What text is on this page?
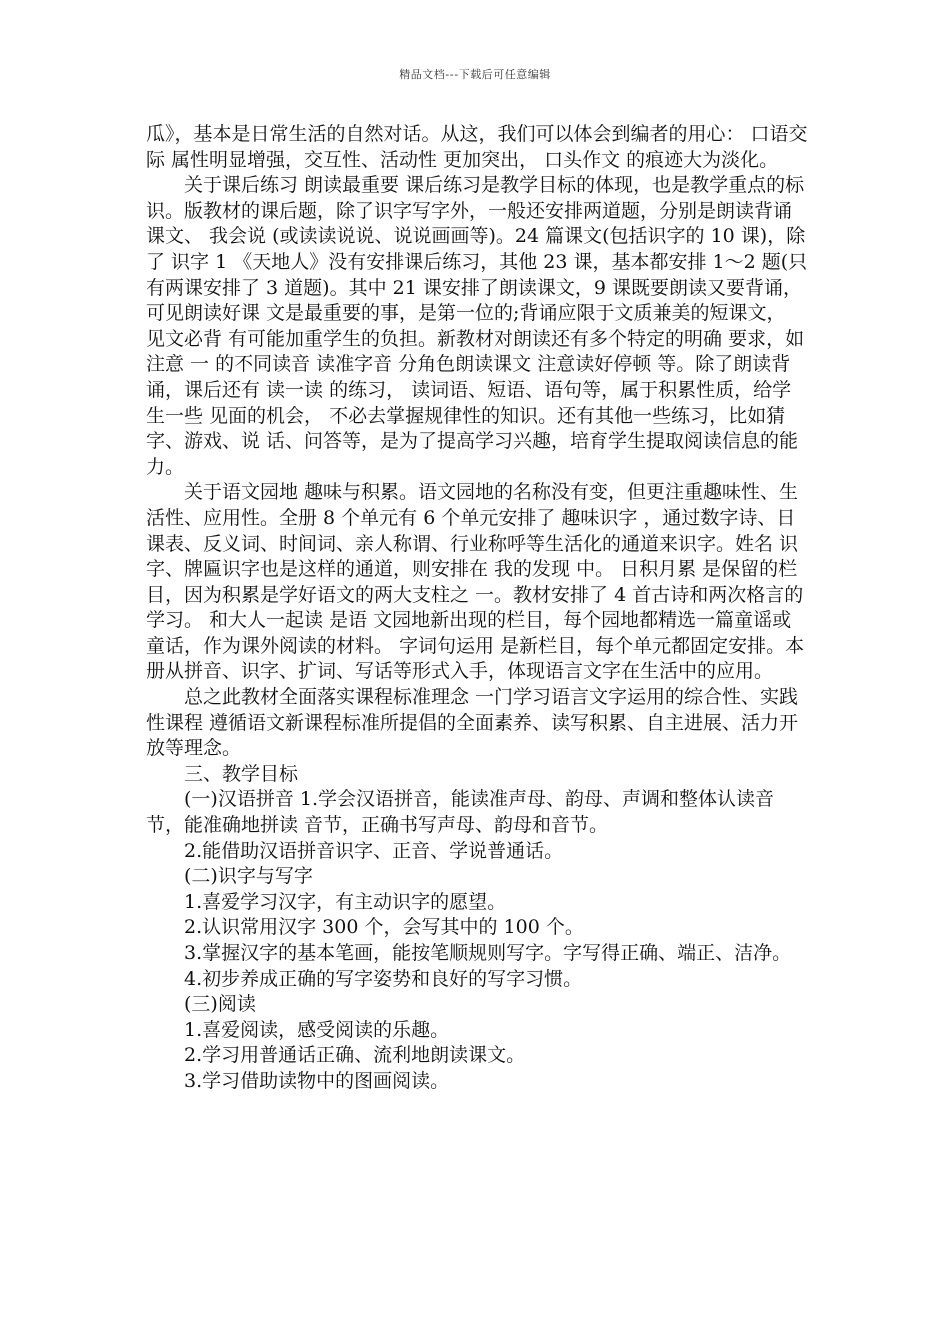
精品文档---下载后可任意编辑

瓜》，基本是日常生活的自然对话。从这，我们可以体会到编者的用心： 口语交际 属性明显增强，交互性、活动性 更加突出， 口头作文 的痕迹大为淡化。

关于课后练习 朗读最重要 课后练习是教学目标的体现，也是教学重点的标识。版教材的课后题，除了识字写字外，一般还安排两道题，分别是朗读背诵 课文、 我会说 (或读读说说、说说画画等)。24 篇课文(包括识字的 10 课)，除了 识字 1 《天地人》没有安排课后练习，其他 23 课，基本都安排 1～2 题(只有两课安排了 3 道题)。其中 21 课安排了朗读课文，9 课既要朗读又要背诵，可见朗读好课 文是最重要的事，是第一位的;背诵应限于文质兼美的短课文， 见文必背 有可能加重学生的负担。新教材对朗读还有多个特定的明确 要求，如 注意 一 的不同读音 读准字音 分角色朗读课文 注意读好停顿 等。除了朗读背诵，课后还有 读一读 的练习， 读词语、短语、语句等，属于积累性质，给学生一些 见面的机会， 不必去掌握规律性的知识。还有其他一些练习，比如猜字、游戏、说 话、问答等，是为了提高学习兴趣，培育学生提取阅读信息的能力。

关于语文园地 趣味与积累。语文园地的名称没有变，但更注重趣味性、生活性、应用性。全册 8 个单元有 6 个单元安排了 趣味识字 ，通过数字诗、日课表、反义词、时间词、亲人称谓、行业称呼等生活化的通道来识字。姓名 识字、牌匾识字也是这样的通道，则安排在 我的发现 中。 日积月累 是保留的栏目，因为积累是学好语文的两大支柱之 一。教材安排了 4 首古诗和两次格言的学习。 和大人一起读 是语 文园地新出现的栏目，每个园地都精选一篇童谣或童话，作为课外阅读的材料。 字词句运用 是新栏目，每个单元都固定安排。本册从拼音、识字、扩词、写话等形式入手，体现语言文字在生活中的应用。

总之此教材全面落实课程标准理念 一门学习语言文字运用的综合性、实践性课程 遵循语文新课程标准所提倡的全面素养、读写积累、自主进展、活力开放等理念。

三、教学目标

(一)汉语拼音 1.学会汉语拼音，能读准声母、韵母、声调和整体认读音节，能准确地拼读 音节，正确书写声母、韵母和音节。

2.能借助汉语拼音识字、正音、学说普通话。

(二)识字与写字

1.喜爱学习汉字，有主动识字的愿望。

2.认识常用汉字 300 个，会写其中的 100 个。

3.掌握汉字的基本笔画，能按笔顺规则写字。字写得正确、端正、洁净。

4.初步养成正确的写字姿势和良好的写字习惯。

(三)阅读

1.喜爱阅读，感受阅读的乐趣。

2.学习用普通话正确、流利地朗读课文。

3.学习借助读物中的图画阅读。
